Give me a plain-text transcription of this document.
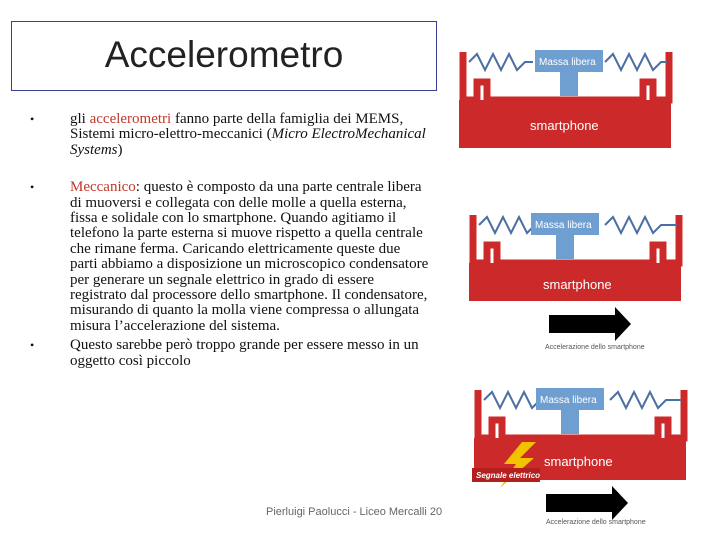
Accelerometro
• gli accelerometri fanno parte della famiglia dei MEMS, Sistemi micro-elettro-meccanici (Micro ElectroMechanical Systems)
• Meccanico: questo è composto da una parte centrale libera di muoversi e collegata con delle molle a quella esterna, fissa e solidale con lo smartphone. Quando agitiamo il telefono la parte esterna si muove rispetto a quella centrale che rimane ferma. Caricando elettricamente queste due parti abbiamo a disposizione un microscopico condensatore per generare un segnale elettrico in grado di essere registrato dal processore dello smartphone. Il condensatore, misurando di quanto la molla viene compressa o allungata misura l’accelerazione del sistema.
• Questo sarebbe però troppo grande per essere messo in un oggetto così piccolo
Massa libera
smartphone
Massa libera
smartphone
Accelerazione dello smartphone
Massa libera
Segnale elettrico
smartphone
Accelerazione dello smartphone
Pierluigi Paolucci - Liceo Mercalli 20
